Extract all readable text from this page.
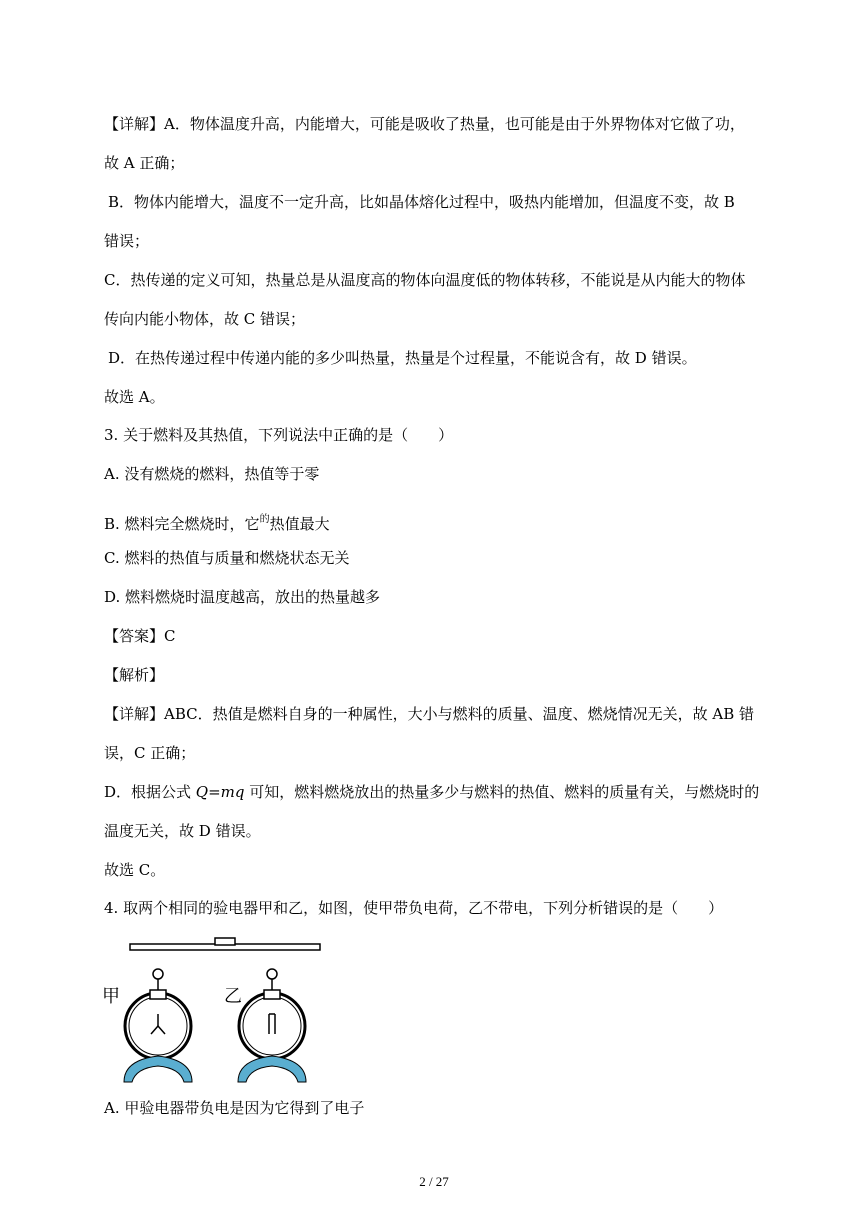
【详解】A．物体温度升高，内能增大，可能是吸收了热量，也可能是由于外界物体对它做了功，
故 A 正确；
B．物体内能增大，温度不一定升高，比如晶体熔化过程中，吸热内能增加，但温度不变，故 B
错误；
C．热传递的定义可知，热量总是从温度高的物体向温度低的物体转移，不能说是从内能大的物体
传向内能小物体，故 C 错误；
D．在热传递过程中传递内能的多少叫热量，热量是个过程量，不能说含有，故 D 错误。
故选 A。
3. 关于燃料及其热值，下列说法中正确的是（　　）
A. 没有燃烧的燃料，热值等于零
B. 燃料完全燃烧时，它$^的$热值最大
C. 燃料的热值与质量和燃烧状态无关
D. 燃料燃烧时温度越高，放出的热量越多
【答案】C
【解析】
【详解】ABC．热值是燃料自身的一种属性，大小与燃料的质量、温度、燃烧情况无关，故 AB 错
误，C 正确；
D．根据公式 Q=mq 可知，燃料燃烧放出的热量多少与燃料的热值、燃料的质量有关，与燃烧时的
温度无关，故 D 错误。
故选 C。
4. 取两个相同的验电器甲和乙，如图，使甲带负电荷，乙不带电，下列分析错误的是（　　）
甲	乙
A. 甲验电器带负电是因为它得到了电子
2 / 27
